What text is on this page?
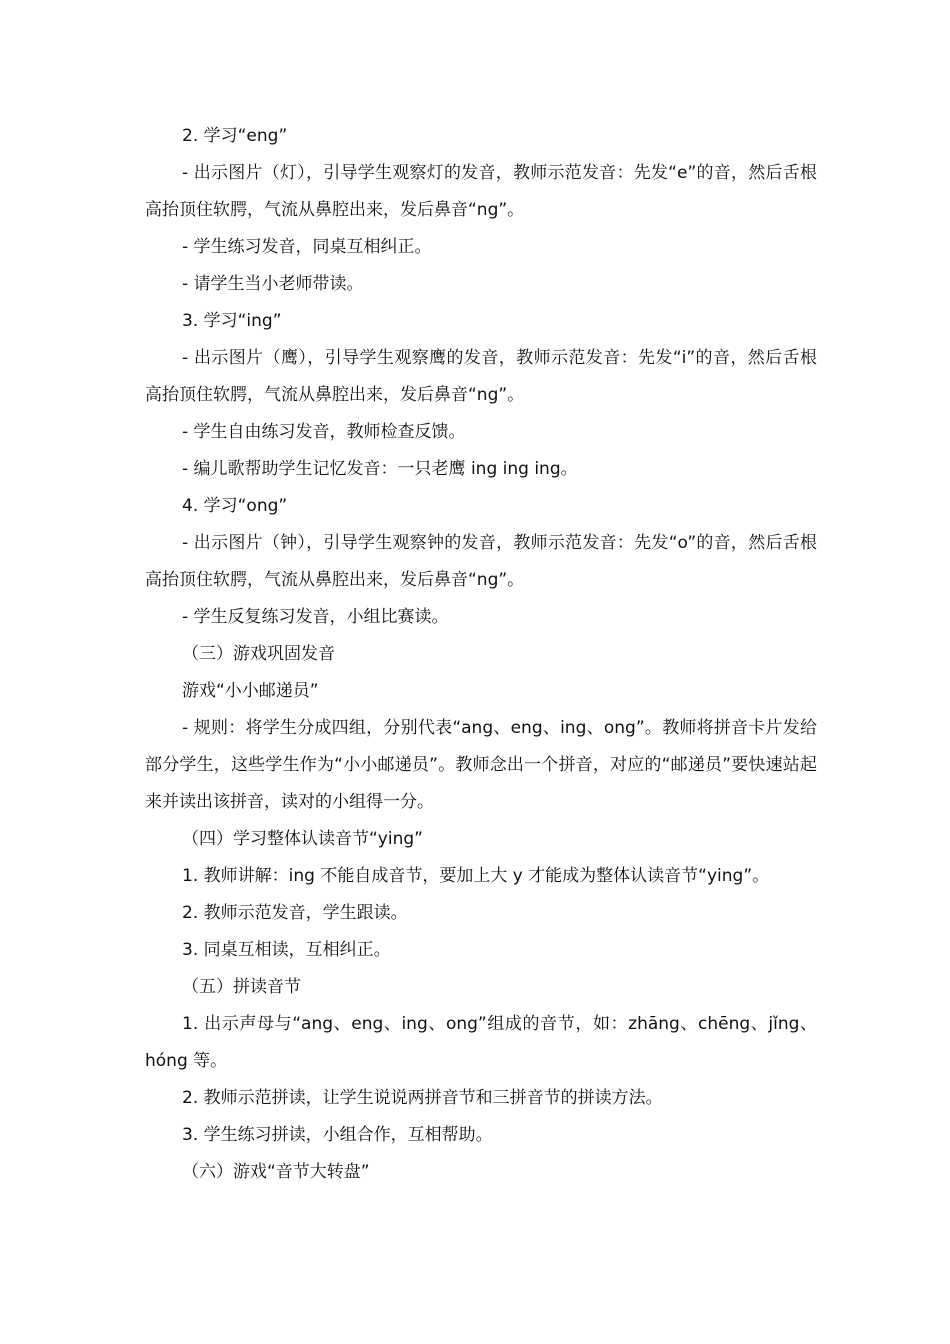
2. 学习“eng”

- 出示图片（灯），引导学生观察灯的发音，教师示范发音：先发“e”的音，然后舌根高抬顶住软腭，气流从鼻腔出来，发后鼻音“ng”。

- 学生练习发音，同桌互相纠正。

- 请学生当小老师带读。

3. 学习“ing”

- 出示图片（鹰），引导学生观察鹰的发音，教师示范发音：先发“i”的音，然后舌根高抬顶住软腭，气流从鼻腔出来，发后鼻音“ng”。

- 学生自由练习发音，教师检查反馈。

- 编儿歌帮助学生记忆发音：一只老鹰 ing ing ing。

4. 学习“ong”

- 出示图片（钟），引导学生观察钟的发音，教师示范发音：先发“o”的音，然后舌根高抬顶住软腭，气流从鼻腔出来，发后鼻音“ng”。

- 学生反复练习发音，小组比赛读。

（三）游戏巩固发音

游戏“小小邮递员”

- 规则：将学生分成四组，分别代表“ang、eng、ing、ong”。教师将拼音卡片发给部分学生，这些学生作为“小小邮递员”。教师念出一个拼音，对应的“邮递员”要快速站起来并读出该拼音，读对的小组得一分。

（四）学习整体认读音节“ying”

1. 教师讲解：ing 不能自成音节，要加上大 y 才能成为整体认读音节“ying”。

2. 教师示范发音，学生跟读。

3. 同桌互相读，互相纠正。

（五）拼读音节

1. 出示声母与“ang、eng、ing、ong”组成的音节，如：zhāng、chēng、jǐng、hóng 等。

2. 教师示范拼读，让学生说说两拼音节和三拼音节的拼读方法。

3. 学生练习拼读，小组合作，互相帮助。

（六）游戏“音节大转盘”
